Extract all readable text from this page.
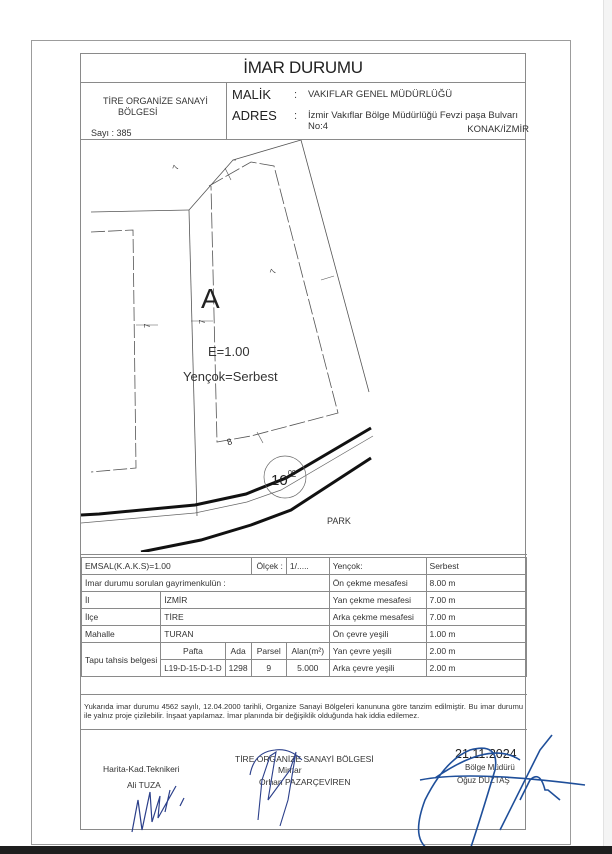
İMAR DURUMU
TİRE ORGANİZE SANAYİ
BÖLGESİ
Sayı : 385
MALİK : VAKIFLAR GENEL MÜDÜRLÜĞÜ
ADRES : İzmir Vakıflar Bölge Müdürlüğü Fevzi paşa Bulvarı No:4	KONAK/İZMİR
A
E=1.00
Yençok=Serbest
7
7
7
7
8
10 00
PARK
EMSAL(K.A.K.S)=1.00			Ölçek :	1/.....	Yençok:	Serbest
İmar durumu sorulan gayrimenkulün :					Ön çekme mesafesi	8.00 m
İl	İZMİR				Yan çekme mesafesi	7.00 m
İlçe	TİRE				Arka çekme mesafesi	7.00 m
Mahalle	TURAN				Ön çevre yeşili	1.00 m
Tapu tahsis belgesi	Pafta	Ada	Parsel	Alan(m²)	Yan çevre yeşili	2.00 m
	L19-D-15-D-1-D	1298	9	5.000	Arka çevre yeşili	2.00 m
Yukarıda imar durumu 4562 sayılı, 12.04.2000 tarihli, Organize Sanayi Bölgeleri kanununa göre tanzim edilmiştir. Bu imar durumu ile yalnız proje çizilebilir. İnşaat yapılamaz. İmar planında bir değişiklik olduğunda hak iddia edilemez.
Harita-Kad.Teknikeri
Ali TUZA
TİRE ORGANİZE SANAYİ BÖLGESİ
Mimar
Orhan PAZARÇEVİREN
21.11.2024
Bölge Müdürü
Oğuz DUZTAŞ
